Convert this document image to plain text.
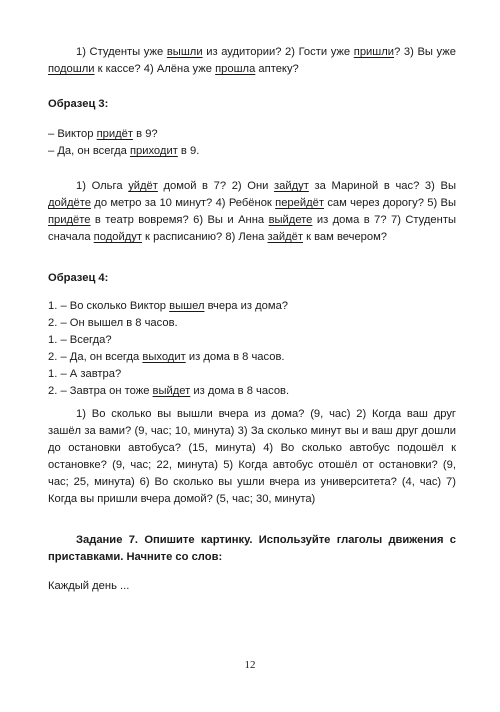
1) Студенты уже вышли из аудитории? 2) Гости уже пришли? 3) Вы уже подошли к кассе? 4) Алёна уже прошла аптеку?

Образец 3:

– Виктор придёт в 9?

– Да, он всегда приходит в 9.

1) Ольга уйдёт домой в 7? 2) Они зайдут за Мариной в час? 3) Вы дойдёте до метро за 10 минут? 4) Ребёнок перейдёт сам через дорогу? 5) Вы придёте в театр вовремя? 6) Вы и Анна выйдете из дома в 7? 7) Студенты сначала подойдут к расписанию? 8) Лена зайдёт к вам вечером?

Образец 4:

1. – Во сколько Виктор вышел вчера из дома?

2. – Он вышел в 8 часов.

1. – Всегда?

2. – Да, он всегда выходит из дома в 8 часов.

1. – А завтра?

2. – Завтра он тоже выйдет из дома в 8 часов.

1) Во сколько вы вышли вчера из дома? (9, час) 2) Когда ваш друг зашёл за вами? (9, час; 10, минута) 3) За сколько минут вы и ваш друг дошли до остановки автобуса? (15, минута) 4) Во сколько автобус подошёл к остановке? (9, час; 22, минута) 5) Когда автобус отошёл от остановки? (9, час; 25, минута) 6) Во сколько вы ушли вчера из университета? (4, час) 7) Когда вы пришли вчера домой? (5, час; 30, минута)

Задание 7. Опишите картинку. Используйте глаголы движения с приставками. Начните со слов:

Каждый день ...

12
